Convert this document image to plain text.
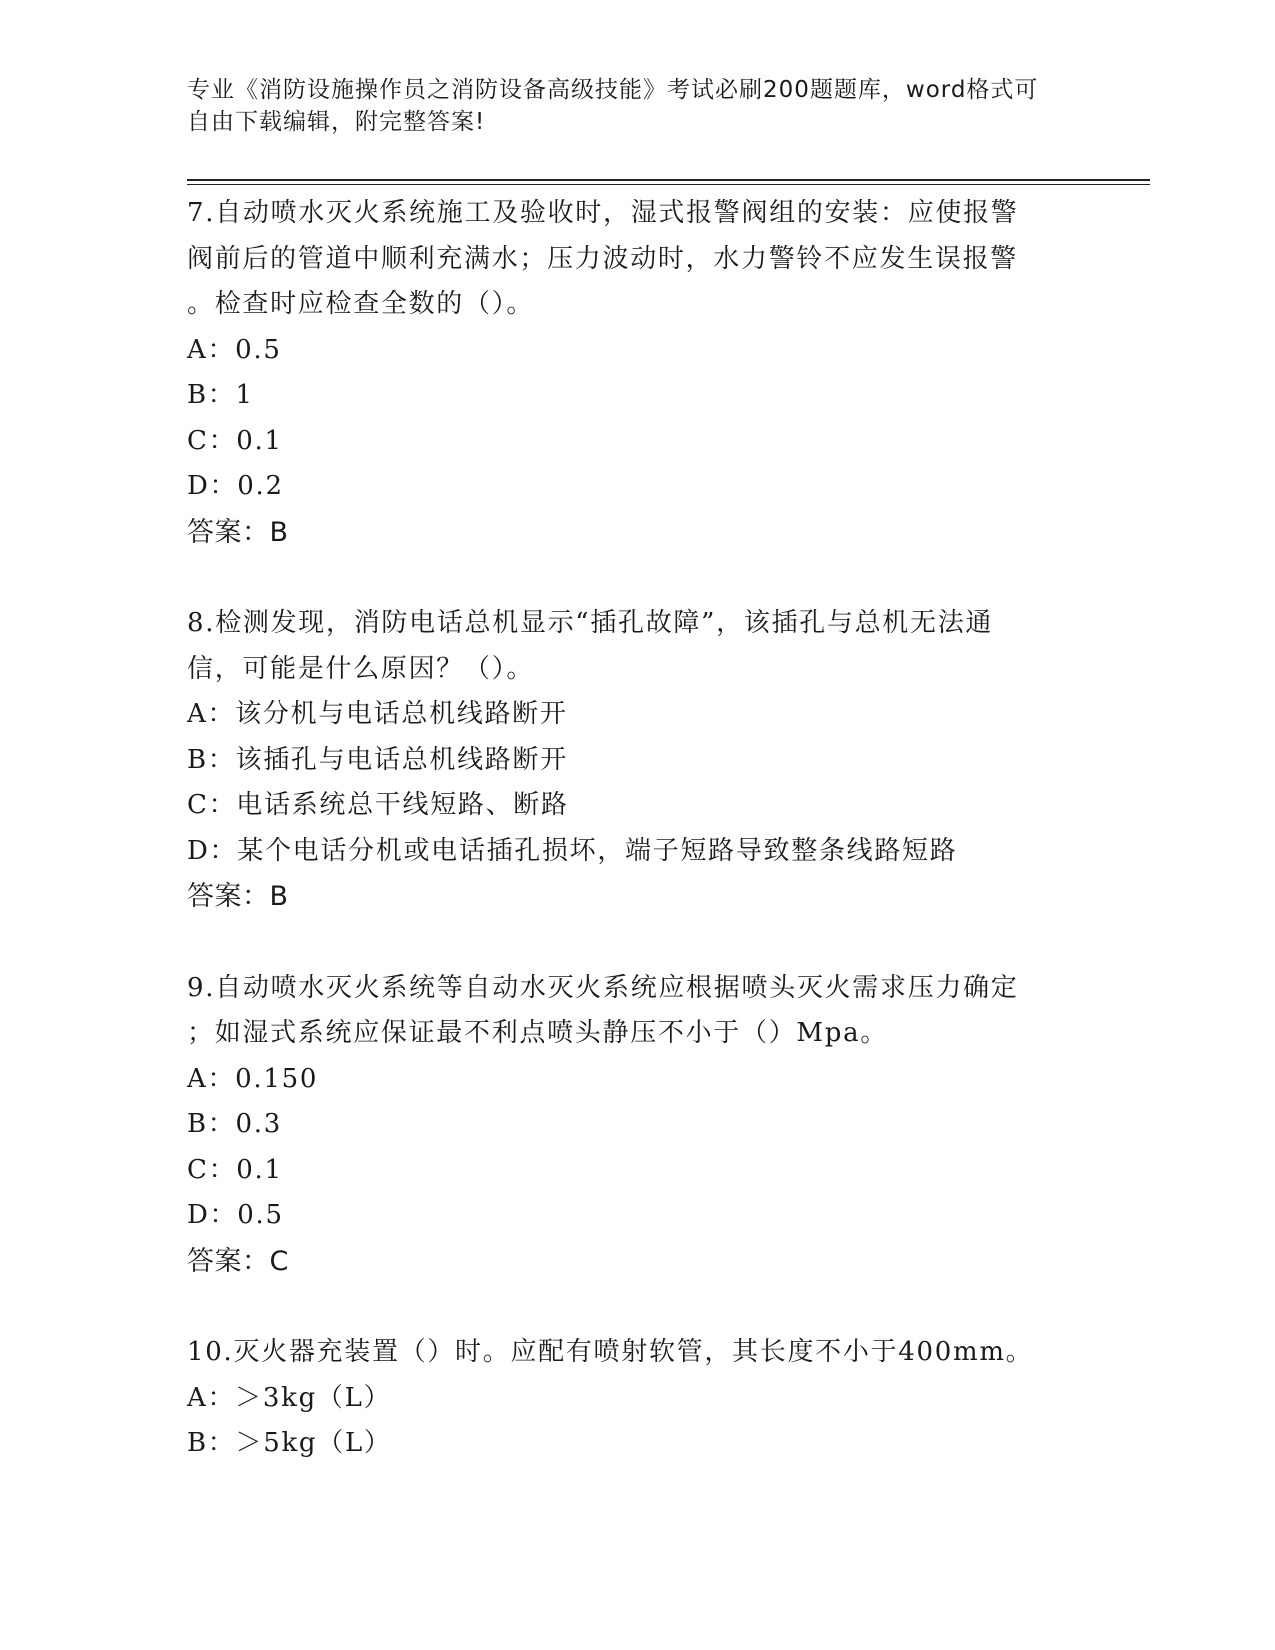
专业《消防设施操作员之消防设备高级技能》考试必刷200题题库，word格式可
自由下载编辑，附完整答案!
7.自动喷水灭火系统施工及验收时，湿式报警阀组的安装：应使报警
阀前后的管道中顺利充满水；压力波动时，水力警铃不应发生误报警
。检查时应检查全数的（）。
A：0.5
B：1
C：0.1
D：0.2
答案：B
8.检测发现，消防电话总机显示“插孔故障”，该插孔与总机无法通
信，可能是什么原因？（）。
A：该分机与电话总机线路断开
B：该插孔与电话总机线路断开
C：电话系统总干线短路、断路
D：某个电话分机或电话插孔损坏，端子短路导致整条线路短路
答案：B
9.自动喷水灭火系统等自动水灭火系统应根据喷头灭火需求压力确定
；如湿式系统应保证最不利点喷头静压不小于（）Mpa。
A：0.150
B：0.3
C：0.1
D：0.5
答案：C
10.灭火器充装置（）时。应配有喷射软管，其长度不小于400mm。
A：＞3kg（L）
B：＞5kg（L）
